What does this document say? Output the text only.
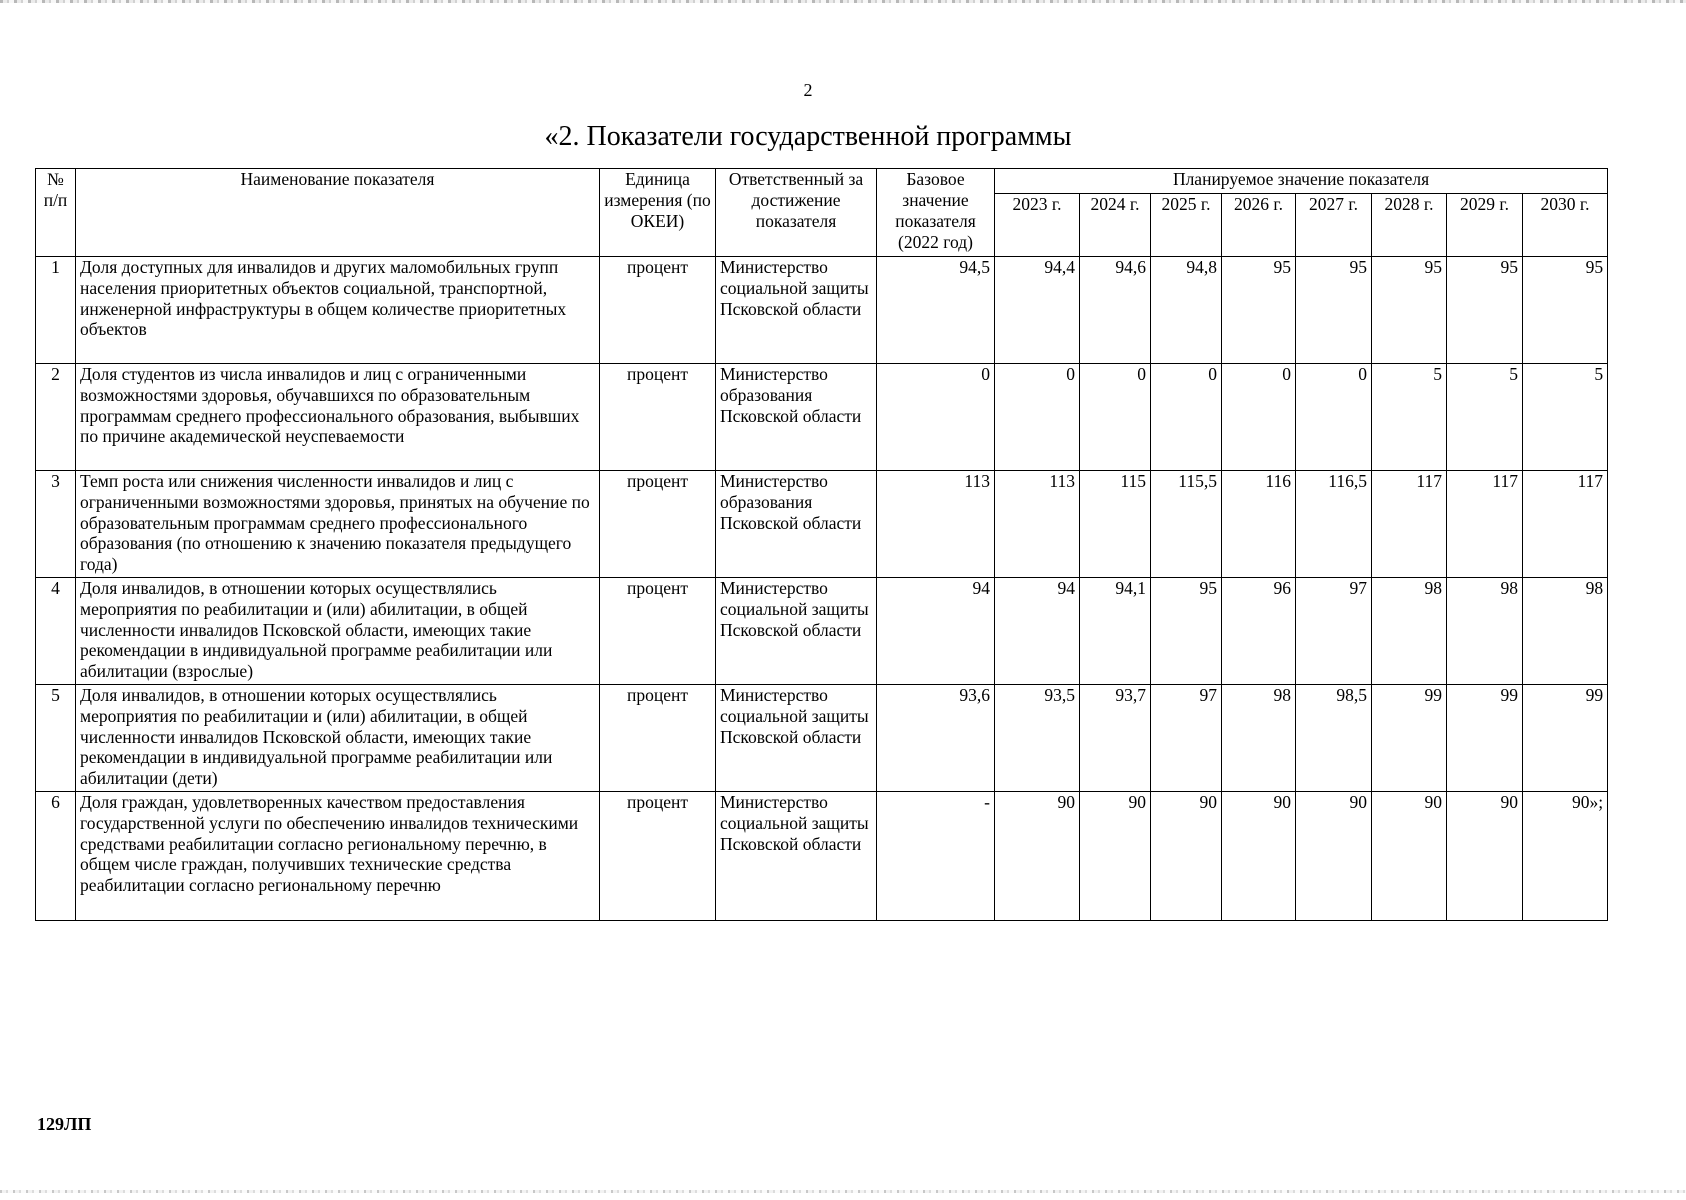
2
«2. Показатели государственной программы
№ п/п	Наименование показателя	Единица измерения (по ОКЕИ)	Ответственный за достижение показателя	Базовое значение показателя (2022 год)	Планируемое значение показателя							
					2023 г.	2024 г.	2025 г.	2026 г.	2027 г.	2028 г.	2029 г.	2030 г.
1	Доля доступных для инвалидов и других маломобильных групп населения приоритетных объектов социальной, транспортной, инженерной инфраструктуры в общем количестве приоритетных объектов	процент	Министерство социальной защиты Псковской области	94,5	94,4	94,6	94,8	95	95	95	95	95
2	Доля студентов из числа инвалидов и лиц с ограниченными возможностями здоровья, обучавшихся по образовательным программам среднего профессионального образования, выбывших по причине академической неуспеваемости	процент	Министерство образования Псковской области	0	0	0	0	0	0	5	5	5
3	Темп роста или снижения численности инвалидов и лиц с ограниченными возможностями здоровья, принятых на обучение по образовательным программам среднего профессионального образования (по отношению к значению показателя предыдущего года)	процент	Министерство образования Псковской области	113	113	115	115,5	116	116,5	117	117	117
4	Доля инвалидов, в отношении которых осуществлялись мероприятия по реабилитации и (или) абилитации, в общей численности инвалидов Псковской области, имеющих такие рекомендации в индивидуальной программе реабилитации или абилитации (взрослые)	процент	Министерство социальной защиты Псковской области	94	94	94,1	95	96	97	98	98	98
5	Доля инвалидов, в отношении которых осуществлялись мероприятия по реабилитации и (или) абилитации, в общей численности инвалидов Псковской области, имеющих такие рекомендации в индивидуальной программе реабилитации или абилитации (дети)	процент	Министерство социальной защиты Псковской области	93,6	93,5	93,7	97	98	98,5	99	99	99
6	Доля граждан, удовлетворенных качеством предоставления государственной услуги по обеспечению инвалидов техническими средствами реабилитации согласно региональному перечню, в общем числе граждан, получивших технические средства реабилитации согласно региональному перечню	процент	Министерство социальной защиты Псковской области	-	90	90	90	90	90	90	90	90»;
129ЛП
